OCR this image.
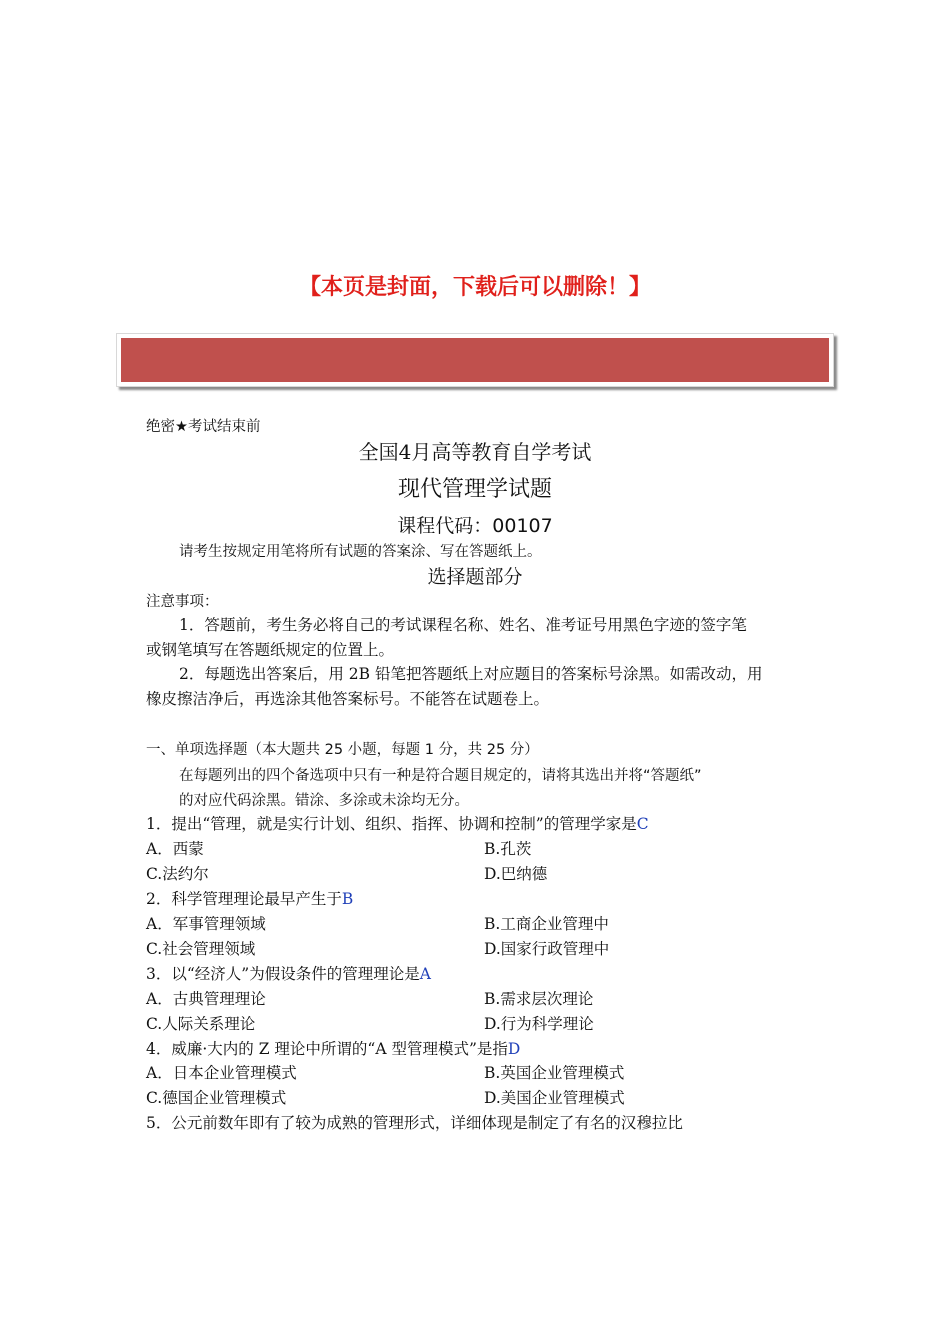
【本页是封面，下载后可以删除！】
绝密★考试结束前
全国4月高等教育自学考试
现代管理学试题
课程代码：00107
请考生按规定用笔将所有试题的答案涂、写在答题纸上。
选择题部分
注意事项：
1．答题前，考生务必将自己的考试课程名称、姓名、准考证号用黑色字迹的签字笔
或钢笔填写在答题纸规定的位置上。
2．每题选出答案后，用 2B 铅笔把答题纸上对应题目的答案标号涂黑。如需改动，用
橡皮擦洁净后，再选涂其他答案标号。不能答在试题卷上。
一、单项选择题（本大题共 25 小题，每题 1 分，共 25 分）
在每题列出的四个备选项中只有一种是符合题目规定的，请将其选出并将“答题纸”
的对应代码涂黑。错涂、多涂或未涂均无分。
1．提出“管理，就是实行计划、组织、指挥、协调和控制”的管理学家是C
A．西蒙	B.孔茨
C.法约尔	D.巴纳德
2．科学管理理论最早产生于B
A．军事管理领域	B.工商企业管理中
C.社会管理领域	D.国家行政管理中
3．以“经济人”为假设条件的管理理论是A
A．古典管理理论	B.需求层次理论
C.人际关系理论	D.行为科学理论
4．威廉·大内的 Z 理论中所谓的“A 型管理模式”是指D
A．日本企业管理模式	B.英国企业管理模式
C.德国企业管理模式	D.美国企业管理模式
5．公元前数年即有了较为成熟的管理形式，详细体现是制定了有名的汉穆拉比
